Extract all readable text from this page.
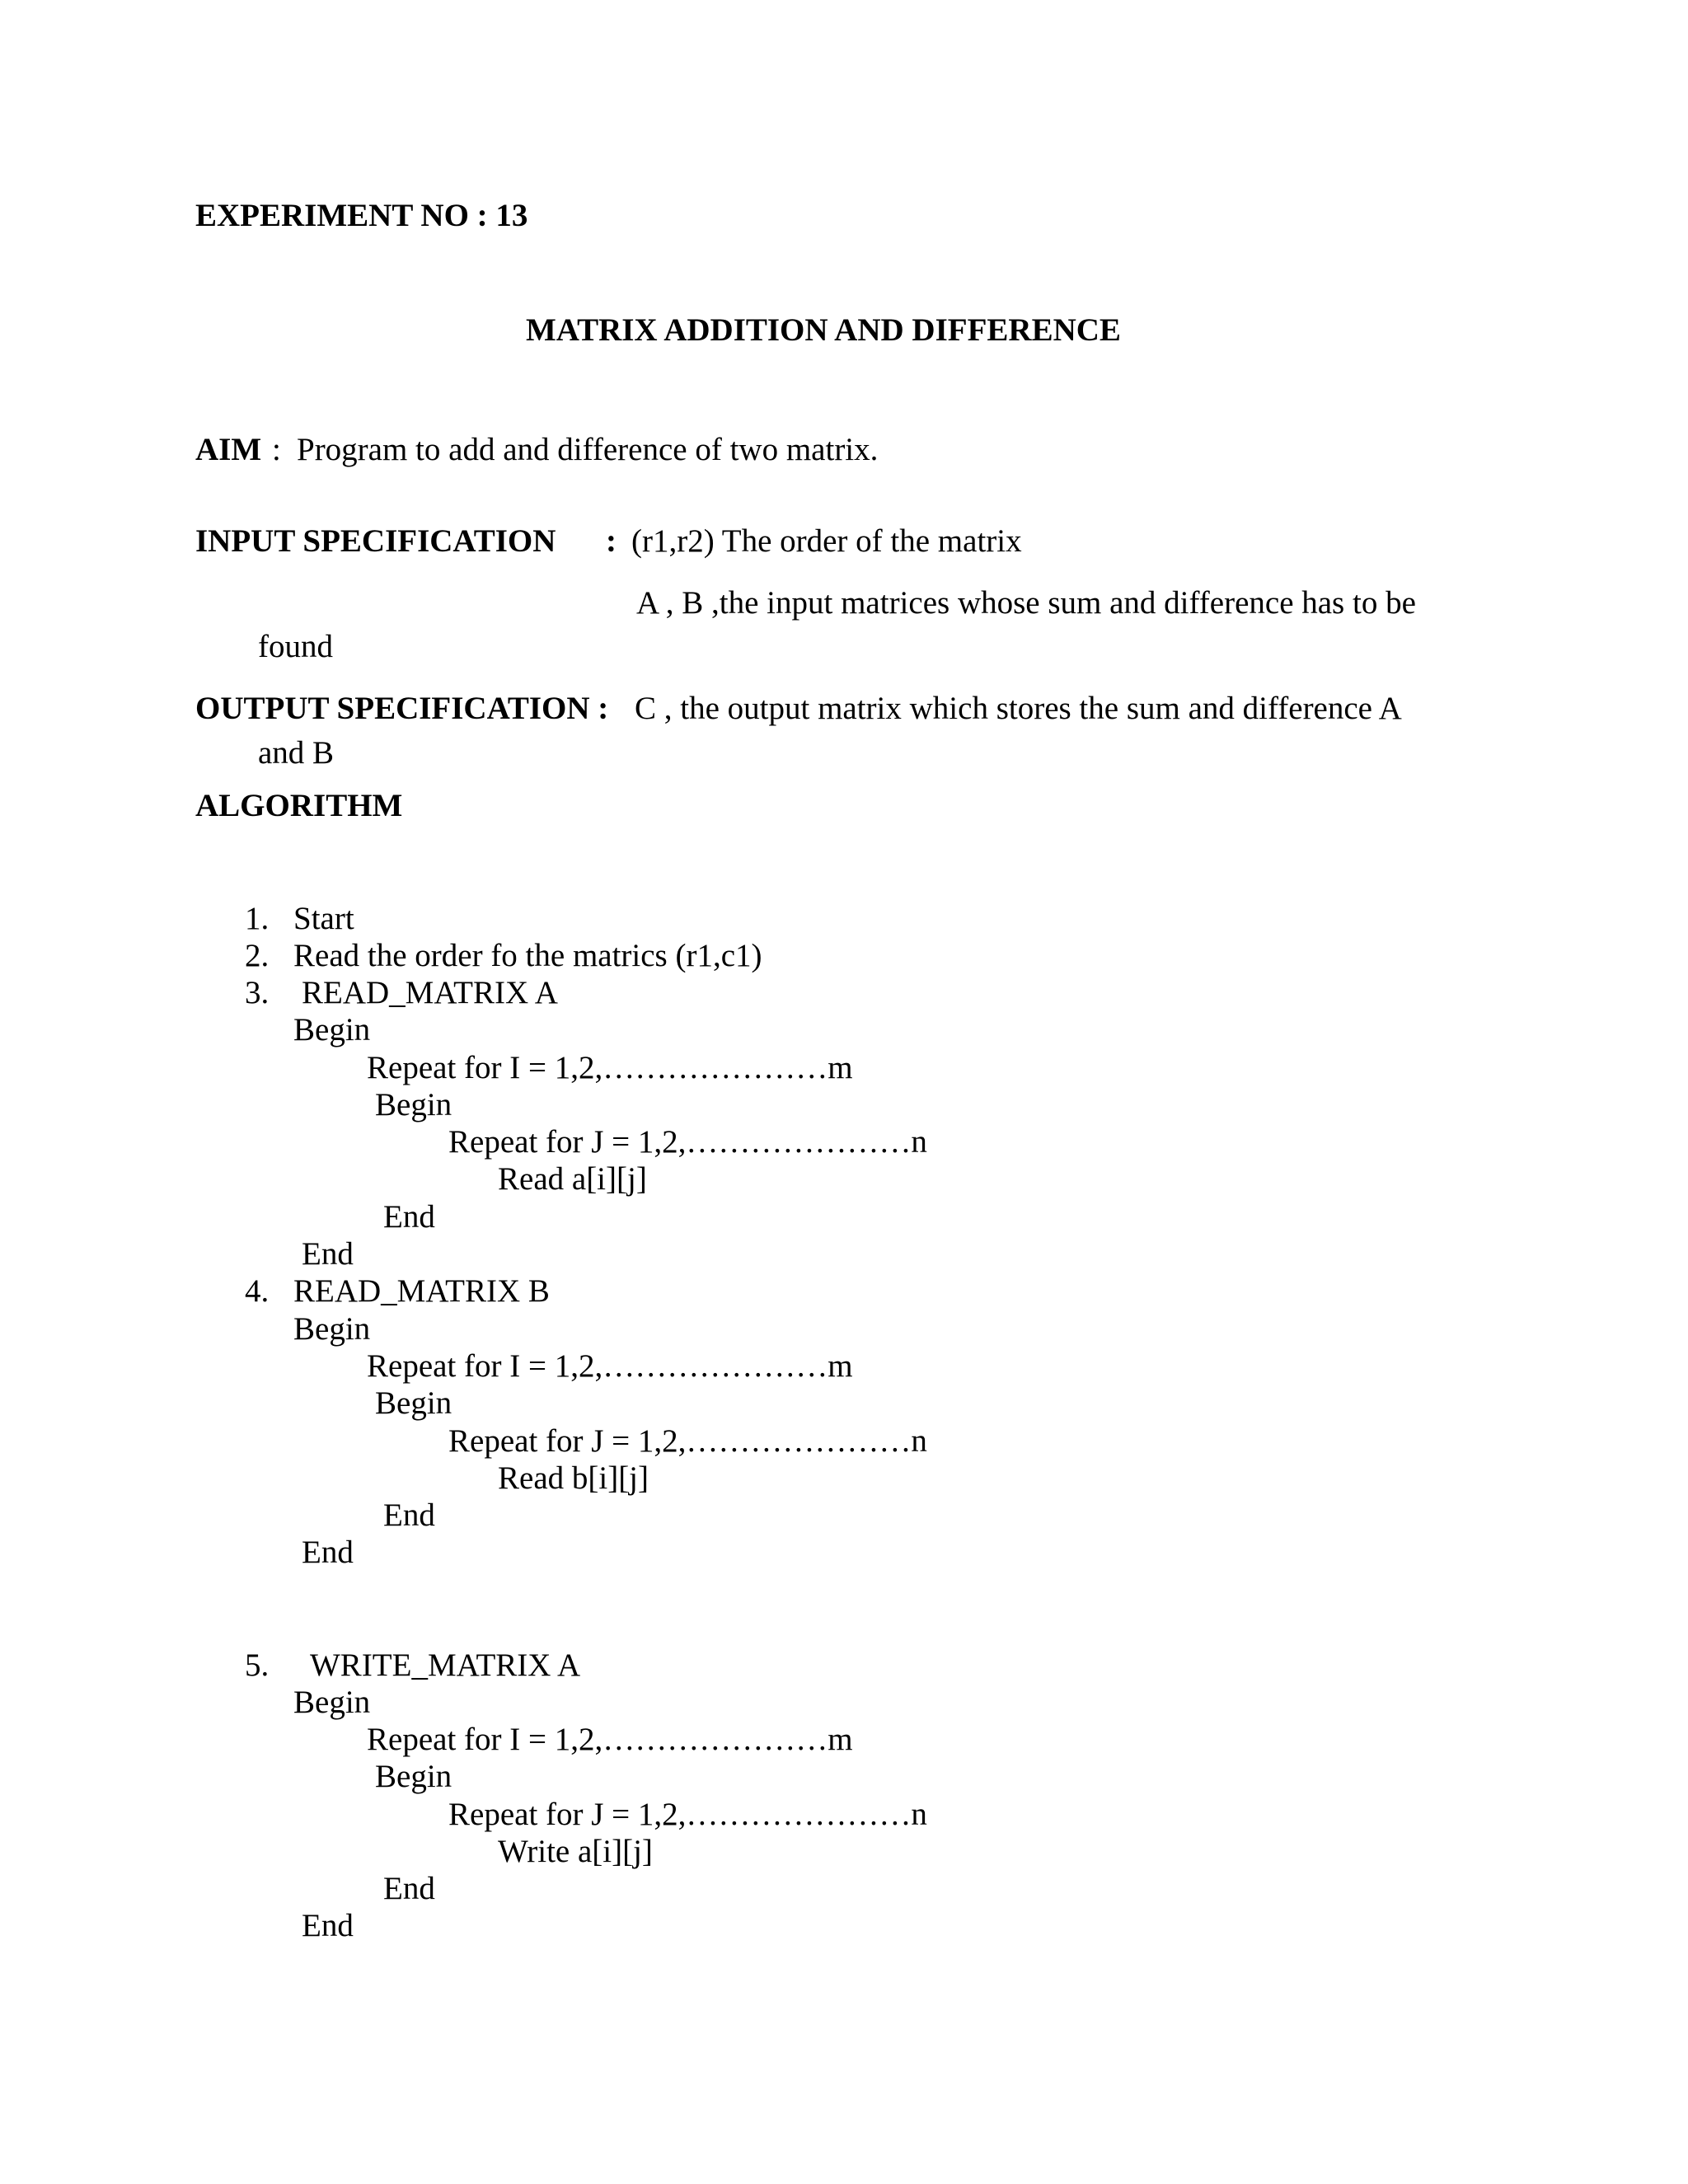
EXPERIMENT NO : 13
MATRIX ADDITION AND DIFFERENCE
AIM : Program to add and difference of two matrix.
INPUT SPECIFICATION : (r1,r2) The order of the matrix
A , B ,the input matrices whose sum and difference has to be
found
OUTPUT SPECIFICATION : C , the output matrix which stores the sum and difference A
and B
ALGORITHM
1. Start
2. Read the order fo the matrics (r1,c1)
3. READ_MATRIX A
Begin
Repeat for I = 1,2,…………………m
Begin
Repeat for J = 1,2,…………………n
Read a[i][j]
End
End
4. READ_MATRIX B
Begin
Repeat for I = 1,2,…………………m
Begin
Repeat for J = 1,2,…………………n
Read b[i][j]
End
End
5. WRITE_MATRIX A
Begin
Repeat for I = 1,2,…………………m
Begin
Repeat for J = 1,2,…………………n
Write a[i][j]
End
End
